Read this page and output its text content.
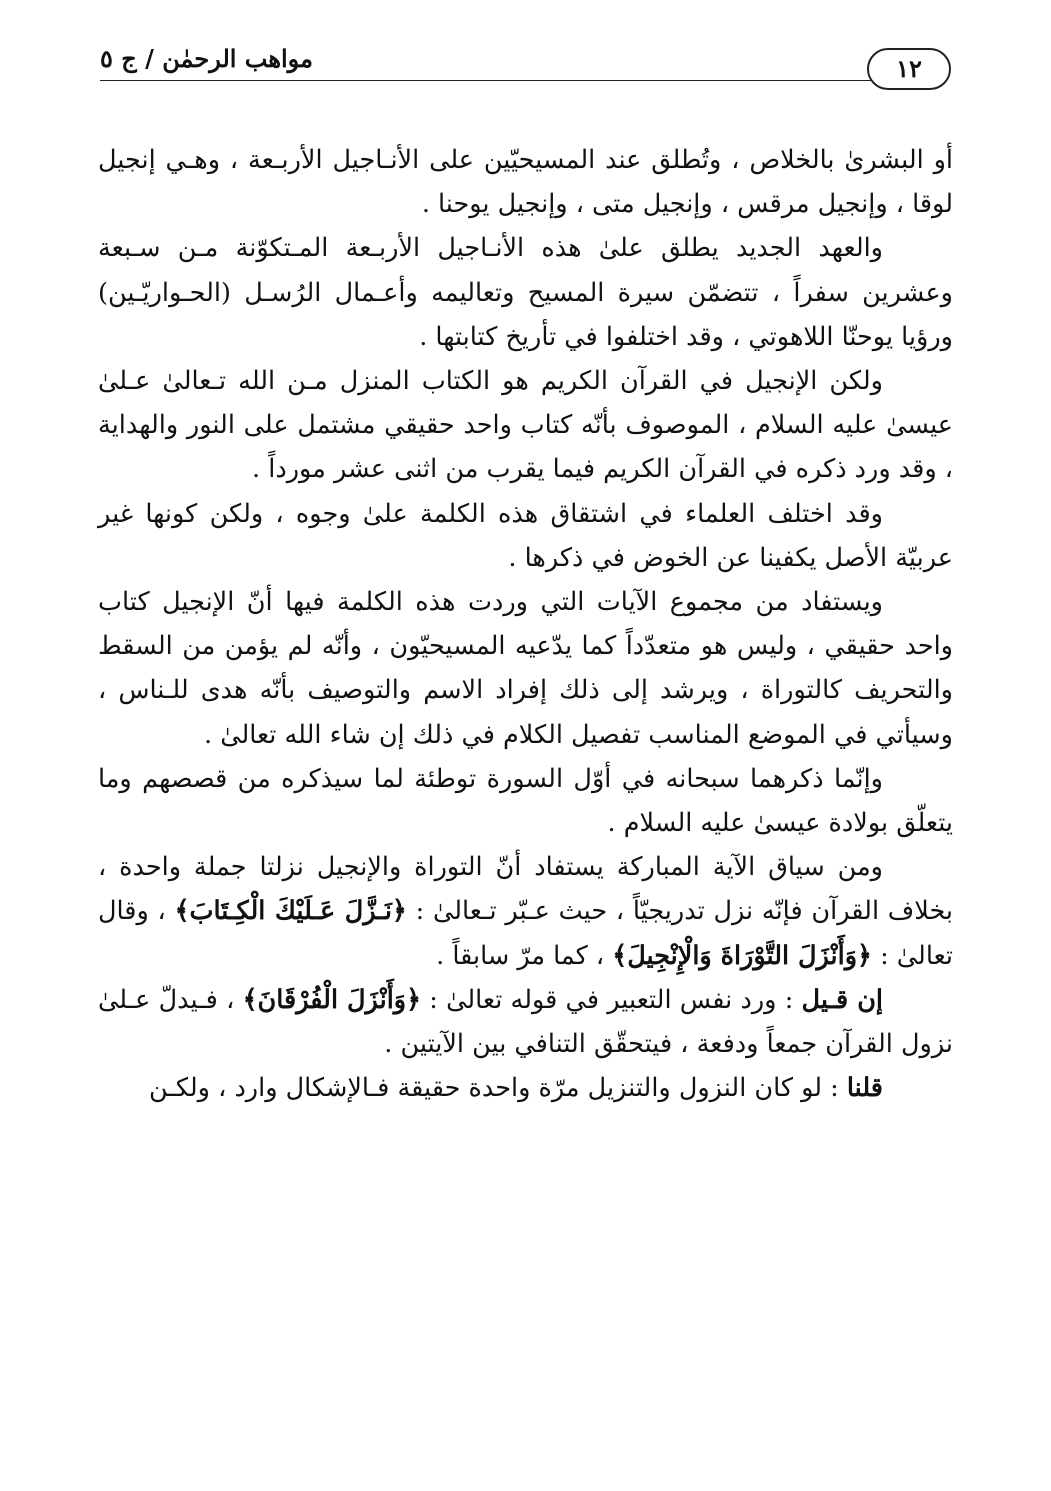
١٢
مواهب الرحمٰن / ج ٥

أو البشرىٰ بالخلاص ، وتُطلق عند المسيحيّين على الأنـاجيل الأربـعة ، وهـي إنجيل لوقا ، وإنجيل مرقس ، وإنجيل متى ، وإنجيل يوحنا .

والعهد الجديد يطلق علىٰ هذه الأنـاجيل الأربـعة المـتكوّنة مـن سـبعة وعشرين سفراً ، تتضمّن سيرة المسيح وتعاليمه وأعـمال الرُسـل (الحـواريّـين) ورؤيا يوحنّا اللاهوتي ، وقد اختلفوا في تأريخ كتابتها .

ولكن الإنجيل في القرآن الكريم هو الكتاب المنزل مـن الله تـعالىٰ عـلىٰ عيسىٰ عليه السلام ، الموصوف بأنّه كتاب واحد حقيقي مشتمل على النور والهداية ، وقد ورد ذكره في القرآن الكريم فيما يقرب من اثنى عشر مورداً .

وقد اختلف العلماء في اشتقاق هذه الكلمة علىٰ وجوه ، ولكن كونها غير عربيّة الأصل يكفينا عن الخوض في ذكرها .

ويستفاد من مجموع الآيات التي وردت هذه الكلمة فيها أنّ الإنجيل كتاب واحد حقيقي ، وليس هو متعدّداً كما يدّعيه المسيحيّون ، وأنّه لم يؤمن من السقط والتحريف كالتوراة ، ويرشد إلى ذلك إفراد الاسم والتوصيف بأنّه هدى للـناس ، وسيأتي في الموضع المناسب تفصيل الكلام في ذلك إن شاء الله تعالىٰ .

وإنّما ذكرهما سبحانه في أوّل السورة توطئة لما سيذكره من قصصهم وما يتعلّق بولادة عيسىٰ عليه السلام .

ومن سياق الآية المباركة يستفاد أنّ التوراة والإنجيل نزلتا جملة واحدة ، بخلاف القرآن فإنّه نزل تدريجيّاً ، حيث عـبّر تـعالىٰ : ﴿نَـزَّلَ عَـلَيْكَ الْكِـتَابَ﴾ ، وقال تعالىٰ : ﴿وَأَنْزَلَ التَّوْرَاةَ وَالْإِنْجِيلَ﴾ ، كما مرّ سابقاً .

إن قـيل : ورد نفس التعبير في قوله تعالىٰ : ﴿وَأَنْزَلَ الْفُرْقَانَ﴾ ، فـيدلّ عـلىٰ نزول القرآن جمعاً ودفعة ، فيتحقّق التنافي بين الآيتين .

قلنا : لو كان النزول والتنزيل مرّة واحدة حقيقة فـالإشكال وارد ، ولكـن
